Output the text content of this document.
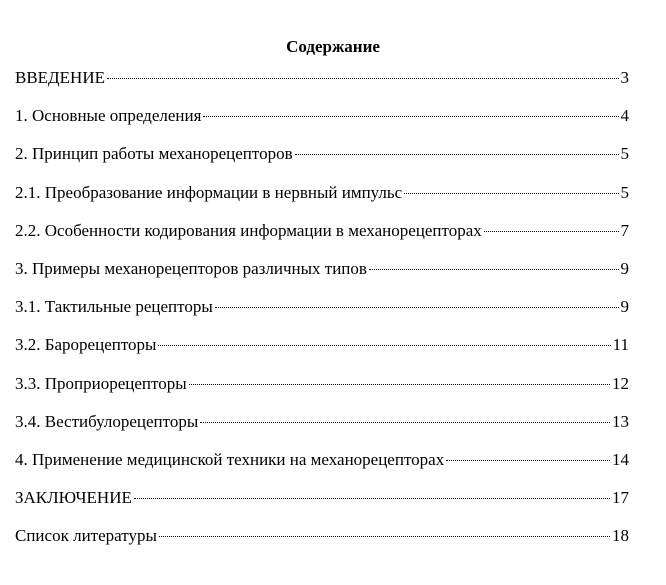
Содержание
ВВЕДЕНИЕ	3
1. Основные определения	4
2. Принцип работы механорецепторов	5
2.1. Преобразование информации в нервный импульс	5
2.2. Особенности кодирования информации в механорецепторах	7
3. Примеры механорецепторов различных типов	9
3.1. Тактильные рецепторы	9
3.2. Барорецепторы	11
3.3. Проприорецепторы	12
3.4. Вестибулорецепторы	13
4. Применение медицинской техники на механорецепторах	14
ЗАКЛЮЧЕНИЕ	17
Список литературы	18
